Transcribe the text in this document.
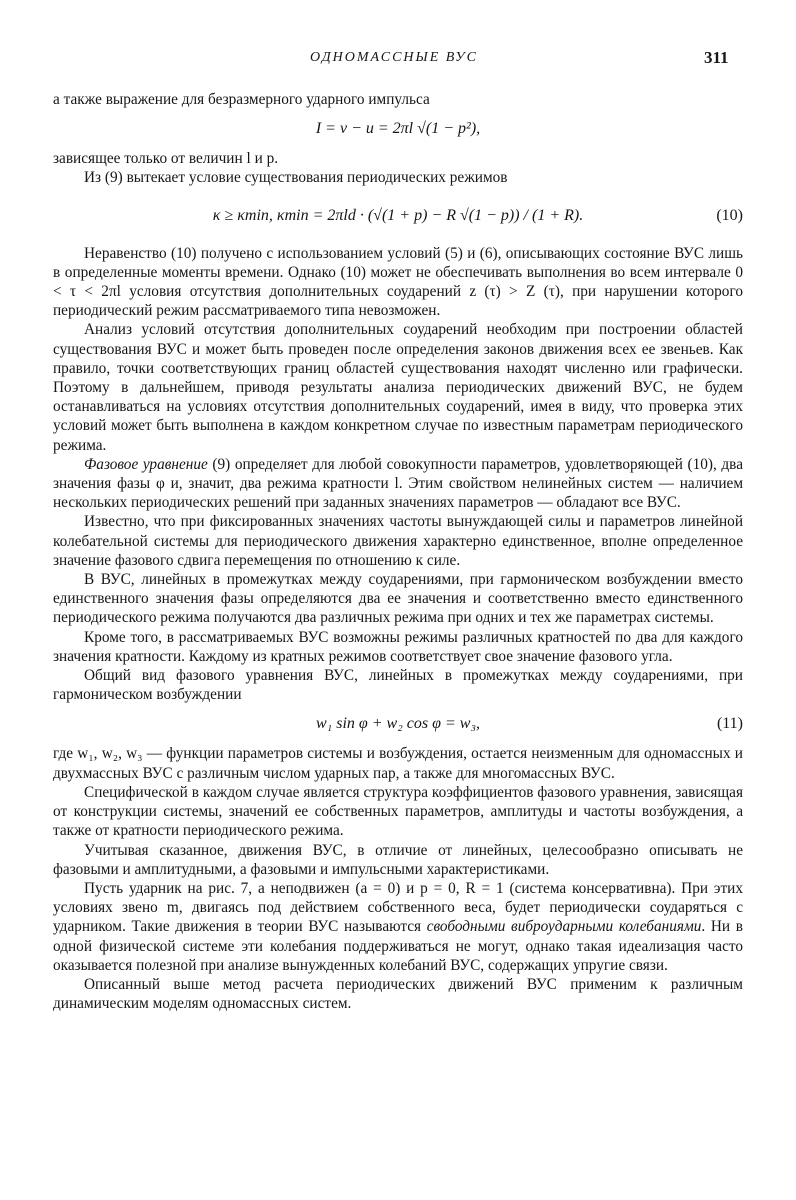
ОДНОМАССНЫЕ ВУС	311

а также выражение для безразмерного ударного импульса

I = v − u = 2πl √(1 − p²),

зависящее только от величин l и p.

Из (9) вытекает условие существования периодических режимов

κ ≥ κmin, κmin = 2πld · (√(1 + p) − R √(1 − p)) / (1 + R).	(10)

Неравенство (10) получено с использованием условий (5) и (6), описывающих состояние ВУС лишь в определенные моменты времени. Однако (10) может не обеспечивать выполнения во всем интервале 0 < τ < 2πl условия отсутствия дополнительных соударений z (τ) > Z (τ), при нарушении которого периодический режим рассматриваемого типа невозможен.

Анализ условий отсутствия дополнительных соударений необходим при построении областей существования ВУС и может быть проведен после определения законов движения всех ее звеньев. Как правило, точки соответствующих границ областей существования находят численно или графически. Поэтому в дальнейшем, приводя результаты анализа периодических движений ВУС, не будем останавливаться на условиях отсутствия дополнительных соударений, имея в виду, что проверка этих условий может быть выполнена в каждом конкретном случае по известным параметрам периодического режима.

Фазовое уравнение (9) определяет для любой совокупности параметров, удовлетворяющей (10), два значения фазы φ и, значит, два режима кратности l. Этим свойством нелинейных систем — наличием нескольких периодических решений при заданных значениях параметров — обладают все ВУС.

Известно, что при фиксированных значениях частоты вынуждающей силы и параметров линейной колебательной системы для периодического движения характерно единственное, вполне определенное значение фазового сдвига перемещения по отношению к силе.

В ВУС, линейных в промежутках между соударениями, при гармоническом возбуждении вместо единственного значения фазы определяются два ее значения и соответственно вместо единственного периодического режима получаются два различных режима при одних и тех же параметрах системы.

Кроме того, в рассматриваемых ВУС возможны режимы различных кратностей по два для каждого значения кратности. Каждому из кратных режимов соответствует свое значение фазового угла.

Общий вид фазового уравнения ВУС, линейных в промежутках между соударениями, при гармоническом возбуждении

w₁ sin φ + w₂ cos φ = w₃,	(11)

где w₁, w₂, w₃ — функции параметров системы и возбуждения, остается неизменным для одномассных и двухмассных ВУС с различным числом ударных пар, а также для многомассных ВУС.

Специфической в каждом случае является структура коэффициентов фазового уравнения, зависящая от конструкции системы, значений ее собственных параметров, амплитуды и частоты возбуждения, а также от кратности периодического режима.

Учитывая сказанное, движения ВУС, в отличие от линейных, целесообразно описывать не фазовыми и амплитудными, а фазовыми и импульсными характеристиками.

Пусть ударник на рис. 7, a неподвижен (a = 0) и p = 0, R = 1 (система консервативна). При этих условиях звено m, двигаясь под действием собственного веса, будет периодически соударяться с ударником. Такие движения в теории ВУС называются свободными виброударными колебаниями. Ни в одной физической системе эти колебания поддерживаться не могут, однако такая идеализация часто оказывается полезной при анализе вынужденных колебаний ВУС, содержащих упругие связи.

Описанный выше метод расчета периодических движений ВУС применим к различным динамическим моделям одномассных систем.
